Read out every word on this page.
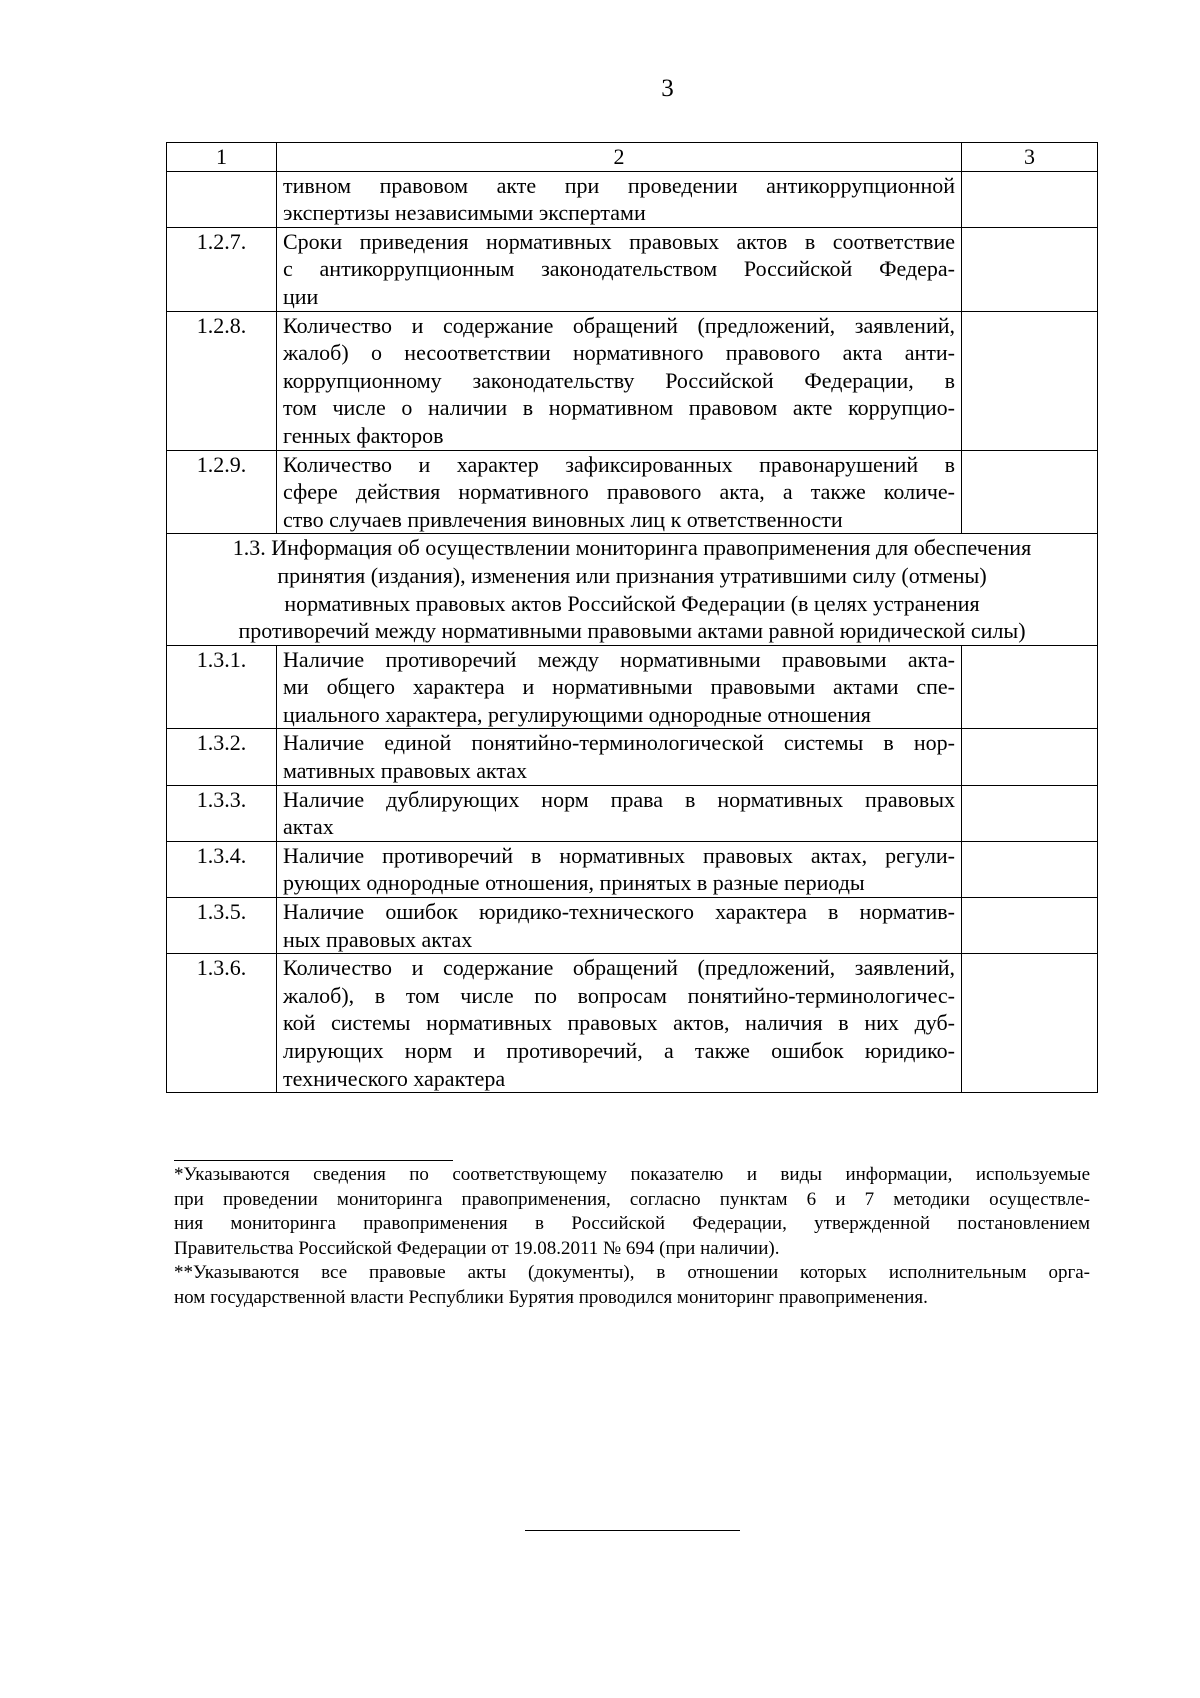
3
1	2	3

	тивном правовом акте при проведении антикоррупционной
экспертизы независимыми экспертами	

1.2.7.	Сроки приведения нормативных правовых актов в соответствие
с антикоррупционным законодательством Российской Федера-
ции	

1.2.8.	Количество и содержание обращений (предложений, заявлений,
жалоб) о несоответствии нормативного правового акта анти-
коррупционному законодательству Российской Федерации, в
том числе о наличии в нормативном правовом акте коррупцио-
генных факторов	

1.2.9.	Количество и характер зафиксированных правонарушений в
сфере действия нормативного правового акта, а также количе-
ство случаев привлечения виновных лиц к ответственности	

1.3. Информация об осуществлении мониторинга правоприменения для обеспечения
принятия (издания), изменения или признания утратившими силу (отмены)
нормативных правовых актов Российской Федерации (в целях устранения
противоречий между нормативными правовыми актами равной юридической силы)		

1.3.1.	Наличие противоречий между нормативными правовыми акта-
ми общего характера и нормативными правовыми актами спе-
циального характера, регулирующими однородные отношения	

1.3.2.	Наличие единой понятийно-терминологической системы в нор-
мативных правовых актах	

1.3.3.	Наличие дублирующих норм права в нормативных правовых
актах	

1.3.4.	Наличие противоречий в нормативных правовых актах, регули-
рующих однородные отношения, принятых в разные периоды	

1.3.5.	Наличие ошибок юридико-технического характера в норматив-
ных правовых актах	

1.3.6.	Количество и содержание обращений (предложений, заявлений,
жалоб), в том числе по вопросам понятийно-терминологичес-
кой системы нормативных правовых актов, наличия в них дуб-
лирующих норм и противоречий, а также ошибок юридико-
технического характера	

*Указываются сведения по соответствующему показателю и виды информации, используемые
при проведении мониторинга правоприменения, согласно пунктам 6 и 7 методики осуществле-
ния мониторинга правоприменения в Российской Федерации, утвержденной постановлением
Правительства Российской Федерации от 19.08.2011 № 694 (при наличии).
**Указываются все правовые акты (документы), в отношении которых исполнительным орга-
ном государственной власти Республики Бурятия проводился мониторинг правоприменения.
